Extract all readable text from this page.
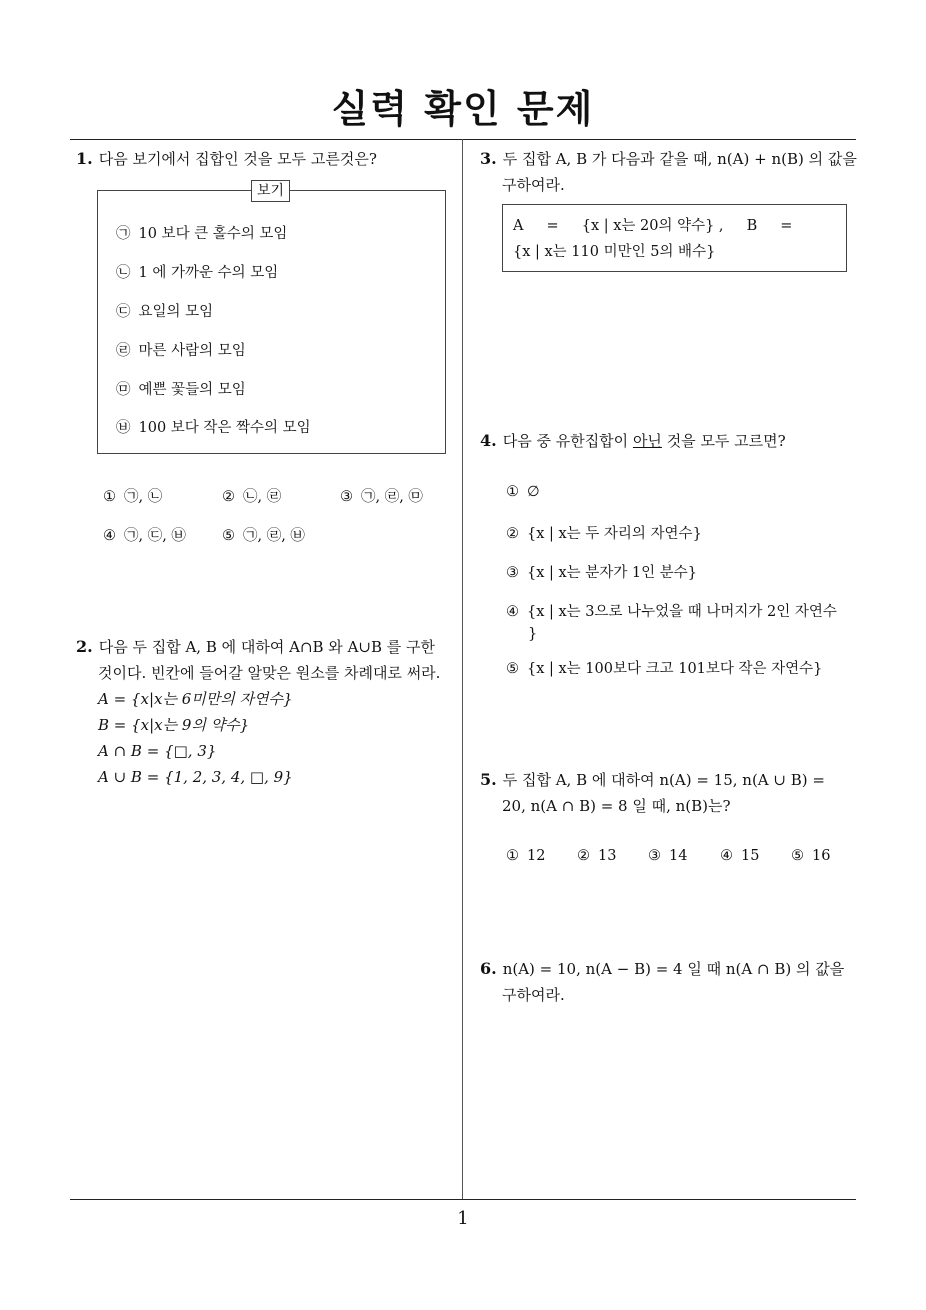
실력 확인 문제
1
1. 다음 보기에서 집합인 것을 모두 고른것은?
보기
㉠ 10 보다 큰 홀수의 모임
㉡ 1 에 가까운 수의 모임
㉢ 요일의 모임
㉣ 마른 사람의 모임
㉤ 예쁜 꽃들의 모임
㉥ 100 보다 작은 짝수의 모임
① ㉠, ㉡	② ㉡, ㉣	③ ㉠, ㉣, ㉤
④ ㉠, ㉢, ㉥ ⑤ ㉠, ㉣, ㉥
2. 다음 두 집합 A, B 에 대하여 A∩B 와 A∪B 를 구한
것이다. 빈칸에 들어갈 알맞은 원소를 차례대로 써라.
A = {x|x는 6미만의 자연수}
B = {x|x는 9의 약수}
A ∩ B = {□, 3}
A ∪ B = {1, 2, 3, 4, □, 9}
3. 두 집합 A, B 가 다음과 같을 때, n(A) + n(B) 의 값을
구하여라.
A     =     {x | x는 20의 약수} ,     B     =
{x | x는 110 미만인 5의 배수}
4. 다음 중 유한집합이 아닌 것을 모두 고르면?
① ∅
② {x | x는 두 자리의 자연수}
③ {x | x는 분자가 1인 분수}
④ {x | x는 3으로 나누었을 때 나머지가 2인 자연수
}
⑤ {x | x는 100보다 크고 101보다 작은 자연수}
5. 두 집합 A, B 에 대하여 n(A) = 15, n(A ∪ B) =
20, n(A ∩ B) = 8 일 때, n(B)는?
① 12 ② 13 ③ 14 ④ 15 ⑤ 16
6. n(A) = 10, n(A − B) = 4 일 때 n(A ∩ B) 의 값을
구하여라.
